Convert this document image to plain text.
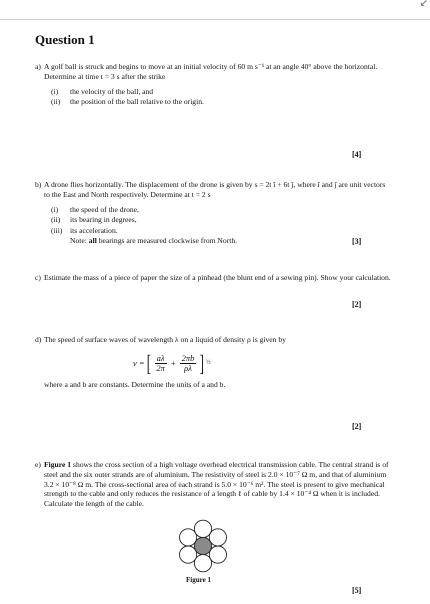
↙
Question 1
a) A golf ball is struck and begins to move at an initial velocity of 60 m s⁻¹ at an angle 40° above the horizontal. Determine at time t = 3 s after the strike
(i) the velocity of the ball, and
(ii) the position of the ball relative to the origin.
[4]
b) A drone flies horizontally. The displacement of the drone is given by s = 2t î + 6t ĵ, where î and ĵ are unit vectors to the East and North respectively. Determine at t = 2 s
(i) the speed of the drone,
(ii) its bearing in degrees,
(iii) its acceleration.
Note: all bearings are measured clockwise from North.	[3]
c) Estimate the mass of a piece of paper the size of a pinhead (the blunt end of a sewing pin). Show your calculation.
[2]
d) The speed of surface waves of wavelength λ on a liquid of density ρ is given by
v = [ $\frac{a\lambda}{2\pi} + \frac{2\pi b}{\rho\lambda}$ ] ½
where a and b are constants. Determine the units of a and b.
[2]
e) Figure 1 shows the cross section of a high voltage overhead electrical transmission cable. The central strand is of steel and the six outer strands are of aluminium. The resistivity of steel is 2.0 × 10⁻⁷ Ω m, and that of aluminium 3.2 × 10⁻⁸ Ω m. The cross-sectional area of each strand is 5.0 × 10⁻⁶ m². The steel is present to give mechanical strength to the cable and only reduces the resistance of a length ℓ of cable by 1.4 × 10⁻⁴ Ω when it is included. Calculate the length of the cable.
Figure 1
[5]
